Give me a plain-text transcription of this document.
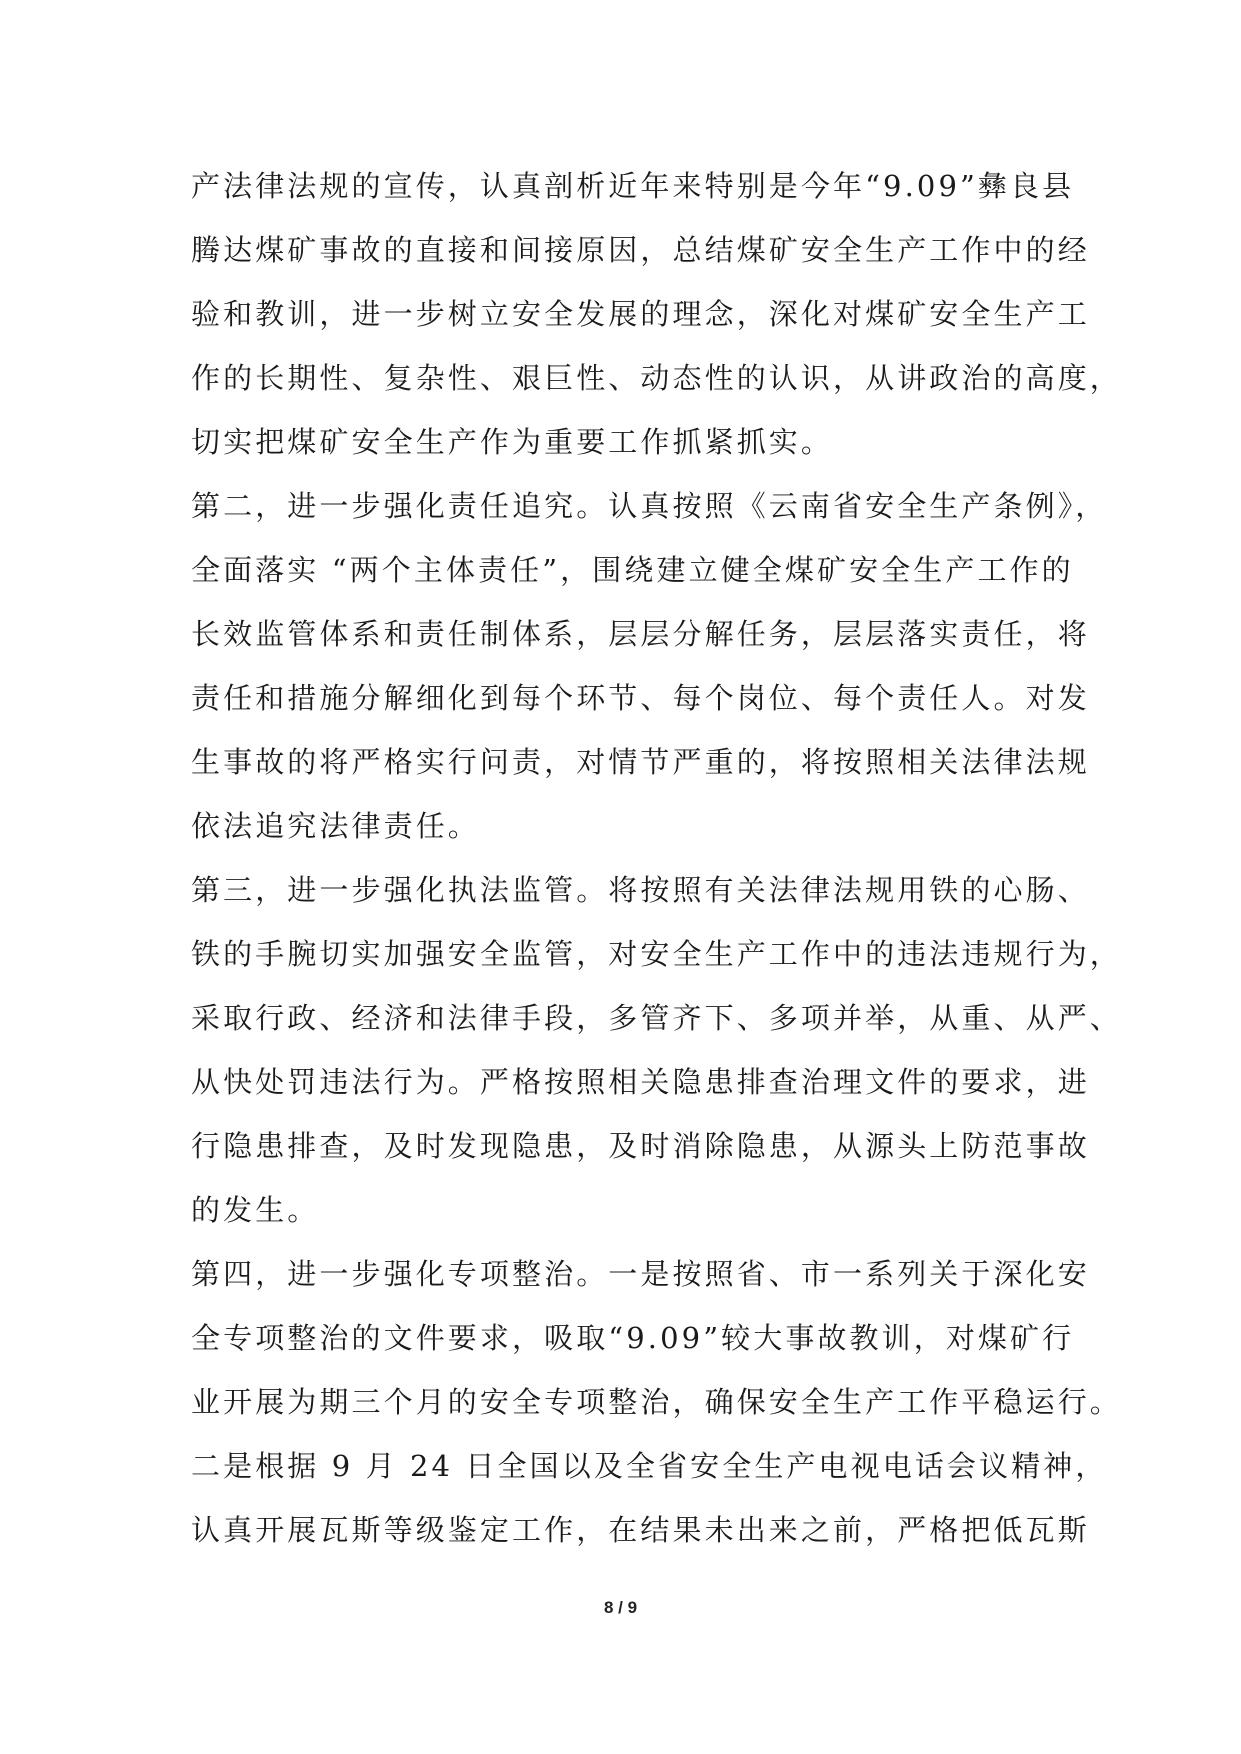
产法律法规的宣传，认真剖析近年来特别是今年“9.09”彝良县
腾达煤矿事故的直接和间接原因，总结煤矿安全生产工作中的经
验和教训，进一步树立安全发展的理念，深化对煤矿安全生产工
作的长期性、复杂性、艰巨性、动态性的认识，从讲政治的高度，
切实把煤矿安全生产作为重要工作抓紧抓实。
第二，进一步强化责任追究。认真按照《云南省安全生产条例》，
全面落实 “两个主体责任”，围绕建立健全煤矿安全生产工作的
长效监管体系和责任制体系，层层分解任务，层层落实责任，将
责任和措施分解细化到每个环节、每个岗位、每个责任人。对发
生事故的将严格实行问责，对情节严重的，将按照相关法律法规
依法追究法律责任。
第三，进一步强化执法监管。将按照有关法律法规用铁的心肠、
铁的手腕切实加强安全监管，对安全生产工作中的违法违规行为，
采取行政、经济和法律手段，多管齐下、多项并举，从重、从严、
从快处罚违法行为。严格按照相关隐患排查治理文件的要求，进
行隐患排查，及时发现隐患，及时消除隐患，从源头上防范事故
的发生。
第四，进一步强化专项整治。一是按照省、市一系列关于深化安
全专项整治的文件要求，吸取“9.09”较大事故教训，对煤矿行
业开展为期三个月的安全专项整治，确保安全生产工作平稳运行。
二是根据 9 月 24 日全国以及全省安全生产电视电话会议精神，
认真开展瓦斯等级鉴定工作，在结果未出来之前，严格把低瓦斯
8 / 9
